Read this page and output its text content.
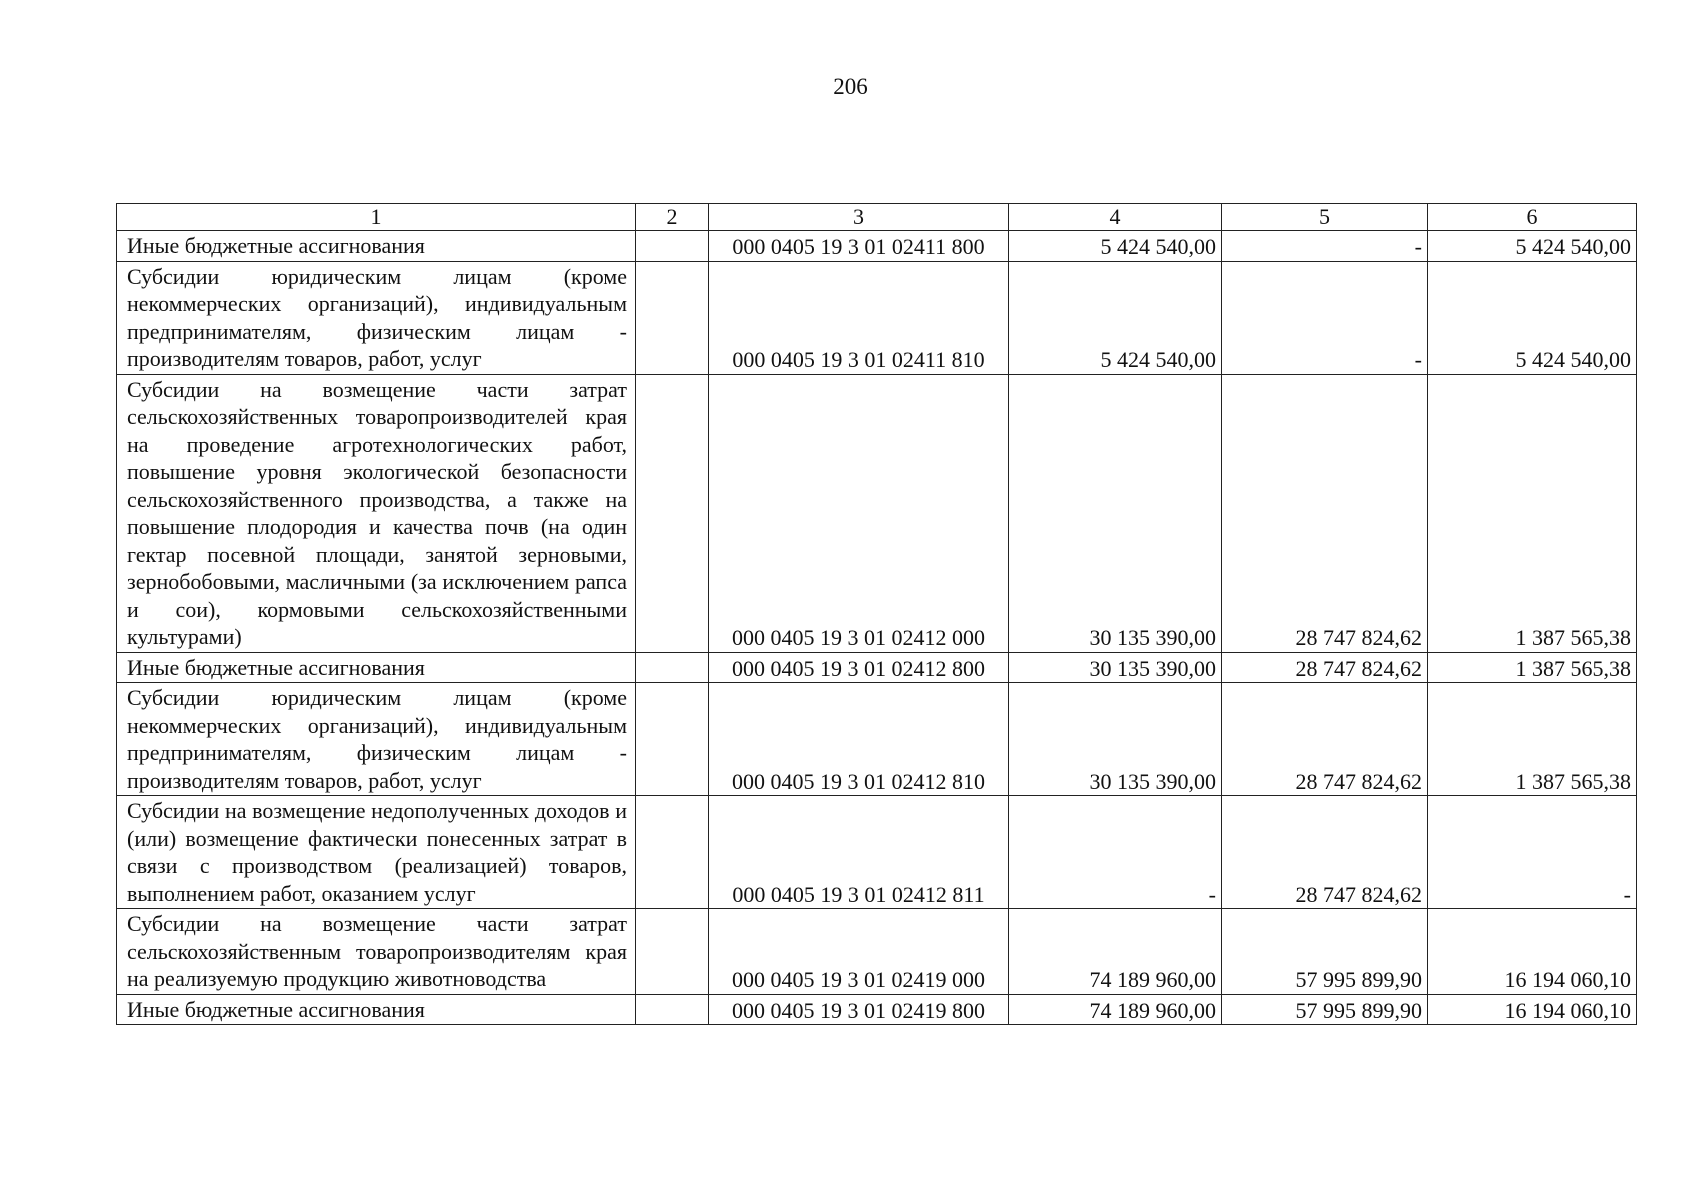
206
1	2	3	4	5	6
Иные бюджетные ассигнования		000 0405 19 3 01 02411 800	5 424 540,00	-	5 424 540,00
Субсидии юридическим лицам (кроме некоммерческих организаций), индивидуальным предпринимателям, физическим лицам - производителям товаров, работ, услуг		000 0405 19 3 01 02411 810	5 424 540,00	-	5 424 540,00
Субсидии на возмещение части затрат сельскохозяйственных товаропроизводителей края на проведение агротехнологических работ, повышение уровня экологической безопасности сельскохозяйственного производства, а также на повышение плодородия и качества почв (на один гектар посевной площади, занятой зерновыми, зернобобовыми, масличными (за исключением рапса и сои), кормовыми сельскохозяйственными культурами)		000 0405 19 3 01 02412 000	30 135 390,00	28 747 824,62	1 387 565,38
Иные бюджетные ассигнования		000 0405 19 3 01 02412 800	30 135 390,00	28 747 824,62	1 387 565,38
Субсидии юридическим лицам (кроме некоммерческих организаций), индивидуальным предпринимателям, физическим лицам - производителям товаров, работ, услуг		000 0405 19 3 01 02412 810	30 135 390,00	28 747 824,62	1 387 565,38
Субсидии на возмещение недополученных доходов и (или) возмещение фактически понесенных затрат в связи с производством (реализацией) товаров, выполнением работ, оказанием услуг		000 0405 19 3 01 02412 811	-	28 747 824,62	-
Субсидии на возмещение части затрат сельскохозяйственным товаропроизводителям края на реализуемую продукцию животноводства		000 0405 19 3 01 02419 000	74 189 960,00	57 995 899,90	16 194 060,10
Иные бюджетные ассигнования		000 0405 19 3 01 02419 800	74 189 960,00	57 995 899,90	16 194 060,10
